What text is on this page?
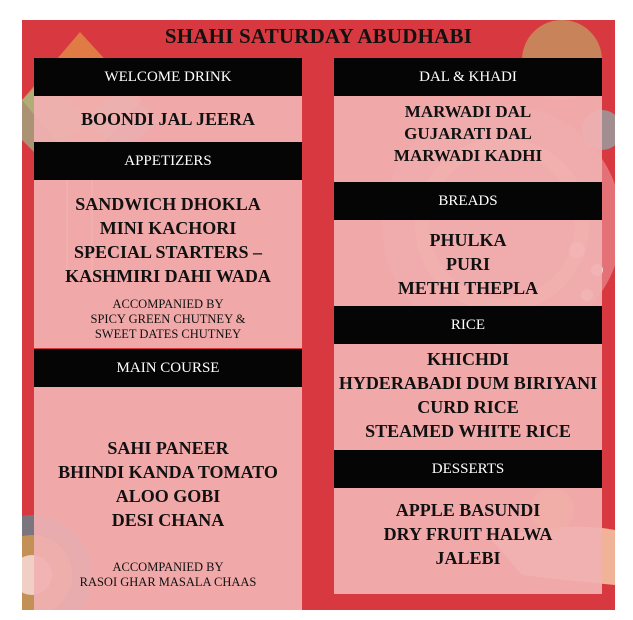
SHAHI SATURDAY ABUDHABI
WELCOME DRINK
BOONDI JAL JEERA
APPETIZERS
SANDWICH DHOKLA
MINI KACHORI
SPECIAL STARTERS –
KASHMIRI DAHI WADA
ACCOMPANIED BY
SPICY GREEN CHUTNEY &
SWEET DATES CHUTNEY
MAIN COURSE
SAHI PANEER
BHINDI KANDA TOMATO
ALOO GOBI
DESI CHANA
ACCOMPANIED BY
RASOI GHAR MASALA CHAAS
DAL & KHADI
MARWADI DAL
GUJARATI DAL
MARWADI KADHI
BREADS
PHULKA
PURI
METHI THEPLA
RICE
KHICHDI
HYDERABADI DUM BIRIYANI
CURD RICE
STEAMED WHITE RICE
DESSERTS
APPLE BASUNDI
DRY FRUIT HALWA
JALEBI
